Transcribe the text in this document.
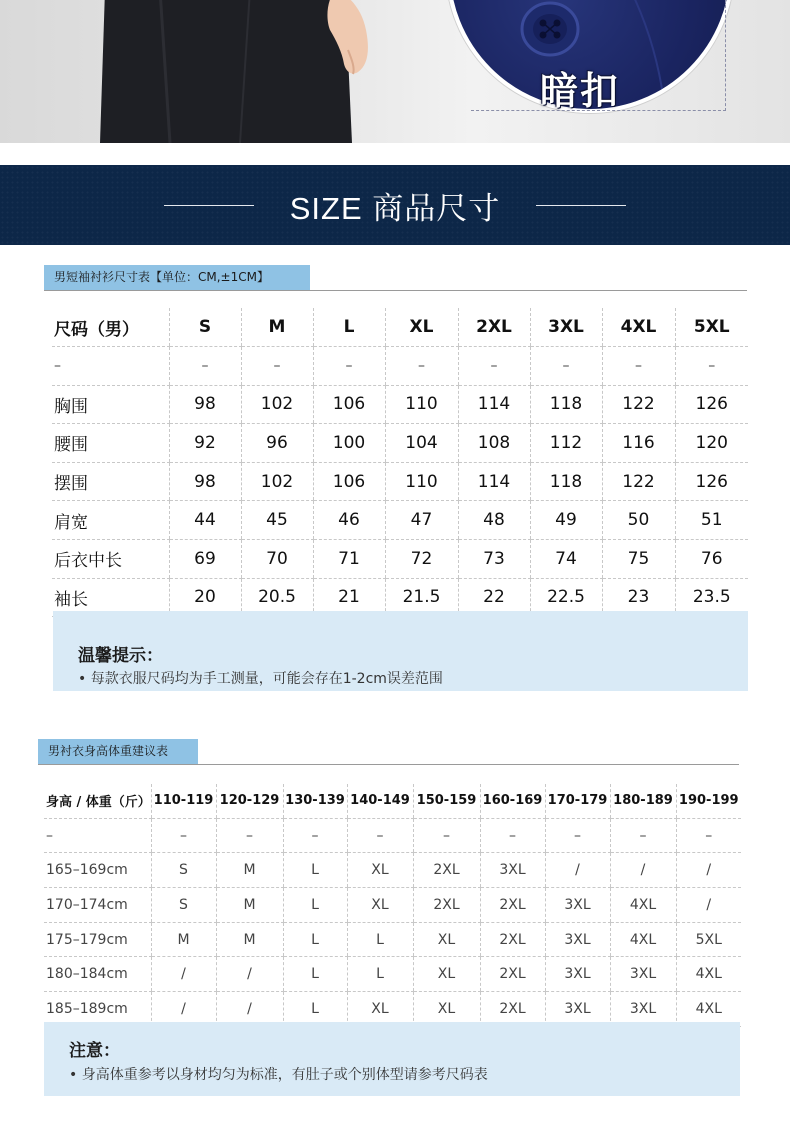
暗扣
SIZE 商品尺寸
男短袖衬衫尺寸表【单位：CM,±1CM】
尺码（男）	S	M	L	XL	2XL	3XL	4XL	5XL
–	–	–	–	–	–	–	–	–
胸围	98	102	106	110	114	118	122	126
腰围	92	96	100	104	108	112	116	120
摆围	98	102	106	110	114	118	122	126
肩宽	44	45	46	47	48	49	50	51
后衣中长	69	70	71	72	73	74	75	76
袖长	20	20.5	21	21.5	22	22.5	23	23.5
温馨提示：
• 每款衣服尺码均为手工测量，可能会存在1-2cm误差范围
男衬衣身高体重建议表
身高 / 体重（斤）	110-119	120-129	130-139	140-149	150-159	160-169	170-179	180-189	190-199
–	–	–	–	–	–	–	–	–	–
165–169cm	S	M	L	XL	2XL	3XL	/	/	/
170–174cm	S	M	L	XL	2XL	2XL	3XL	4XL	/
175–179cm	M	M	L	L	XL	2XL	3XL	4XL	5XL
180–184cm	/	/	L	L	XL	2XL	3XL	3XL	4XL
185–189cm	/	/	L	XL	XL	2XL	3XL	3XL	4XL
注意：
• 身高体重参考以身材均匀为标准，有肚子或个别体型请参考尺码表
